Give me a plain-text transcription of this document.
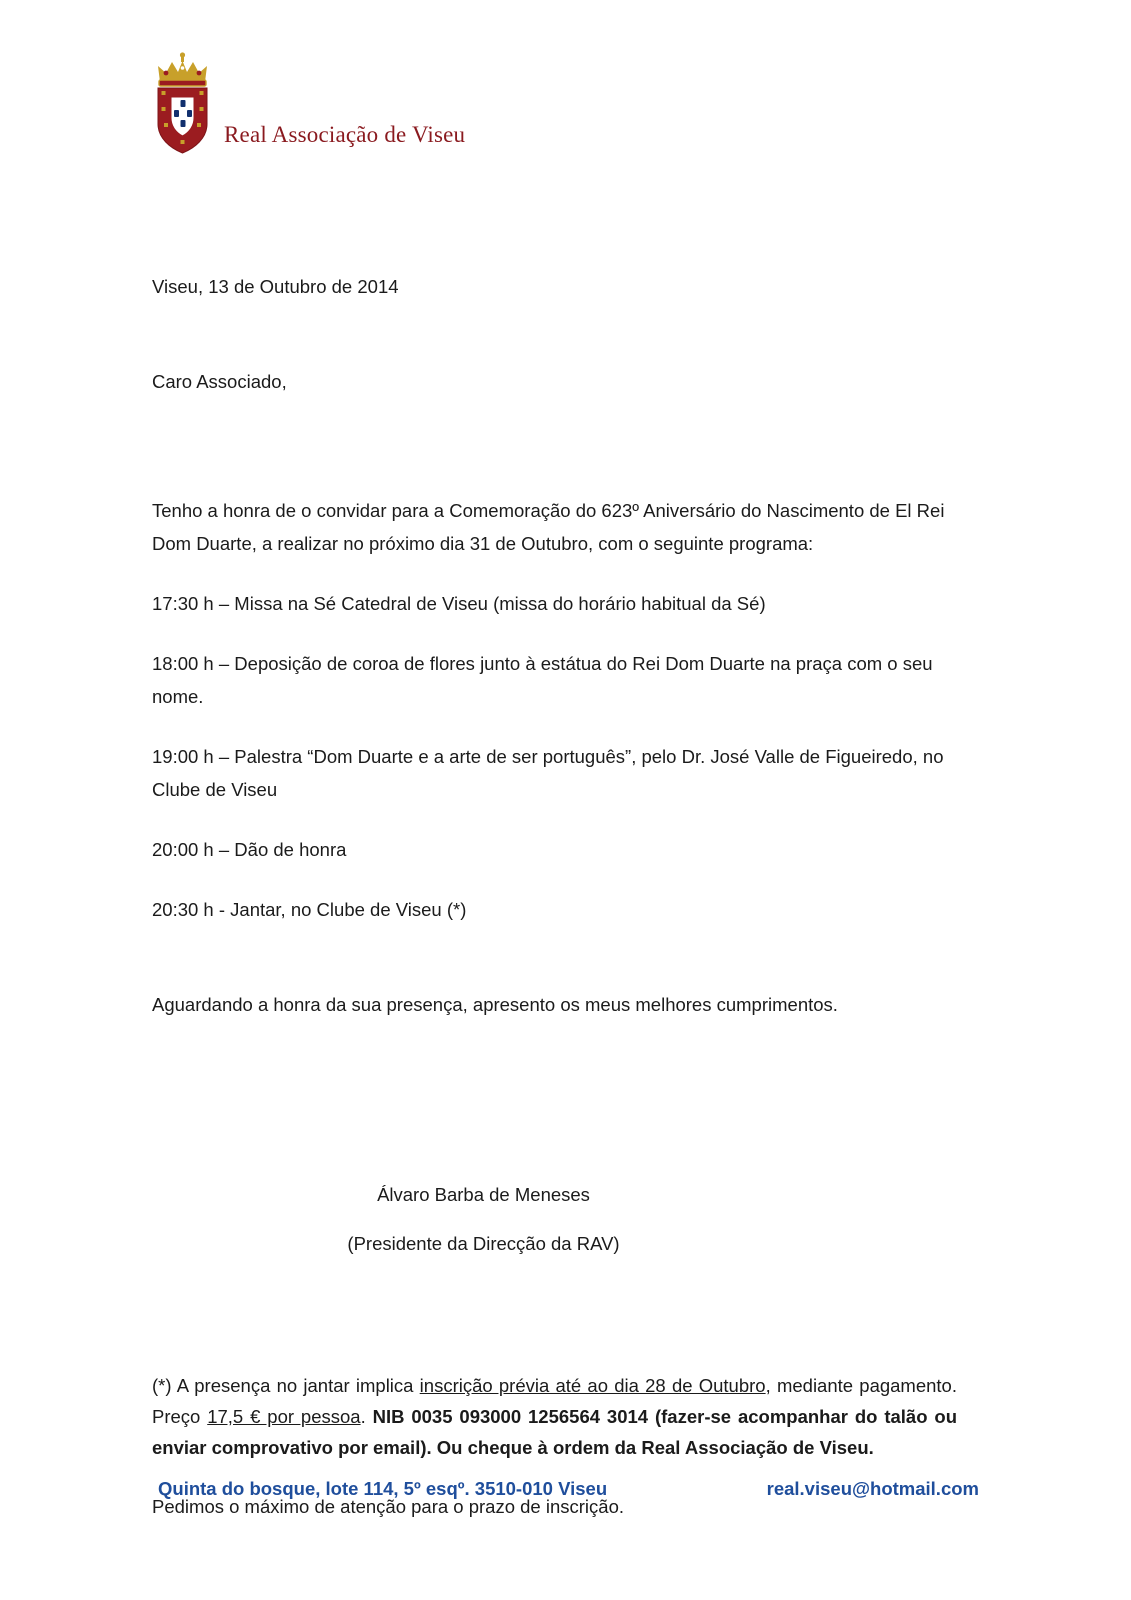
Real Associação de Viseu

Viseu, 13 de Outubro de 2014

Caro Associado,

Tenho a honra de o convidar para a Comemoração do 623º Aniversário do Nascimento de El Rei Dom Duarte, a realizar no próximo dia 31 de Outubro, com o seguinte programa:

17:30 h – Missa na Sé Catedral de Viseu (missa do horário habitual da Sé)

18:00 h – Deposição de coroa de flores junto à estátua do Rei Dom Duarte na praça com o seu nome.

19:00 h – Palestra “Dom Duarte e a arte de ser português”, pelo Dr. José Valle de Figueiredo, no Clube de Viseu

20:00 h – Dão de honra

20:30 h - Jantar, no Clube de Viseu (*)

Aguardando a honra da sua presença, apresento os meus melhores cumprimentos.

Álvaro Barba de Meneses

(Presidente da Direcção da RAV)

(*) A presença no jantar implica inscrição prévia até ao dia 28 de Outubro, mediante pagamento. Preço 17,5 € por pessoa. NIB 0035 093000 1256564 3014 (fazer-se acompanhar do talão ou enviar comprovativo por email). Ou cheque à ordem da Real Associação de Viseu.

Pedimos o máximo de atenção para o prazo de inscrição.

Quinta do bosque, lote 114, 5º esqº. 3510-010 Viseu	real.viseu@hotmail.com
